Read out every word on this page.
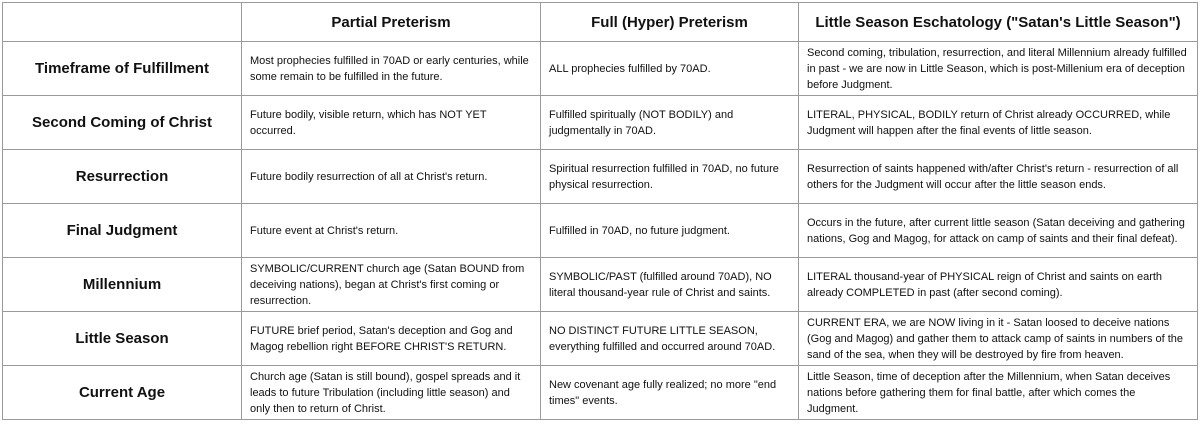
	Partial Preterism	Full (Hyper) Preterism	Little Season Eschatology ("Satan's Little Season")
Timeframe of Fulfillment	Most prophecies fulfilled in 70AD or early centuries, while some remain to be fulfilled in the future.	ALL prophecies fulfilled by 70AD.	Second coming, tribulation, resurrection, and literal Millennium already fulfilled in past - we are now in Little Season, which is post-Millenium era of deception before Judgment.
Second Coming of Christ	Future bodily, visible return, which has NOT YET occurred.	Fulfilled spiritually (NOT BODILY) and judgmentally in 70AD.	LITERAL, PHYSICAL, BODILY return of Christ already OCCURRED, while Judgment will happen after the final events of little season.
Resurrection	Future bodily resurrection of all at Christ's return.	Spiritual resurrection fulfilled in 70AD, no future physical resurrection.	Resurrection of saints happened with/after Christ's return - resurrection of all others for the Judgment will occur after the little season ends.
Final Judgment	Future event at Christ's return.	Fulfilled in 70AD, no future judgment.	Occurs in the future, after current little season (Satan deceiving and gathering nations, Gog and Magog, for attack on camp of saints and their final defeat).
Millennium	SYMBOLIC/CURRENT church age (Satan BOUND from deceiving nations), began at Christ's first coming or resurrection.	SYMBOLIC/PAST (fulfilled around 70AD), NO literal thousand-year rule of Christ and saints.	LITERAL thousand-year of PHYSICAL reign of Christ and saints on earth already COMPLETED in past (after second coming).
Little Season	FUTURE brief period, Satan's deception and Gog and Magog rebellion right BEFORE CHRIST'S RETURN.	NO DISTINCT FUTURE LITTLE SEASON, everything fulfilled and occurred around 70AD.	CURRENT ERA, we are NOW living in it - Satan loosed to deceive nations (Gog and Magog) and gather them to attack camp of saints in numbers of the sand of the sea, when they will be destroyed by fire from heaven.
Current Age	Church age (Satan is still bound), gospel spreads and it leads to future Tribulation (including little season) and only then to return of Christ.	New covenant age fully realized; no more "end times" events.	Little Season, time of deception after the Millennium, when Satan deceives nations before gathering them for final battle, after which comes the Judgment.
